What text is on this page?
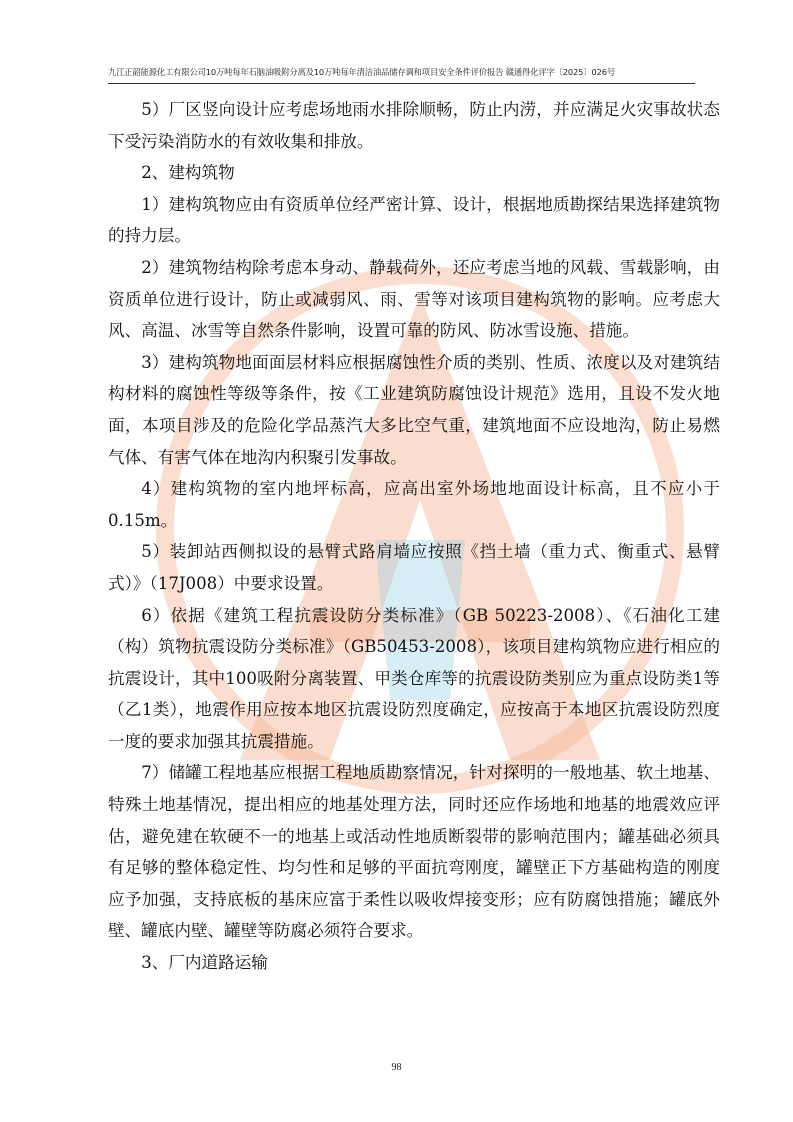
九江正韶能源化工有限公司10万吨每年石脑油吸附分离及10万吨每年清洁油品储存调和项目安全条件评价报告 赣通得化评字〔2025〕026号

5）厂区竖向设计应考虑场地雨水排除顺畅，防止内涝，并应满足火灾事故状态下受污染消防水的有效收集和排放。

2、建构筑物

1）建构筑物应由有资质单位经严密计算、设计，根据地质勘探结果选择建筑物的持力层。

2）建筑物结构除考虑本身动、静载荷外，还应考虑当地的风载、雪载影响，由资质单位进行设计，防止或减弱风、雨、雪等对该项目建构筑物的影响。应考虑大风、高温、冰雪等自然条件影响，设置可靠的防风、防冰雪设施、措施。

3）建构筑物地面面层材料应根据腐蚀性介质的类别、性质、浓度以及对建筑结构材料的腐蚀性等级等条件，按《工业建筑防腐蚀设计规范》选用，且设不发火地面，本项目涉及的危险化学品蒸汽大多比空气重，建筑地面不应设地沟，防止易燃气体、有害气体在地沟内积聚引发事故。

4）建构筑物的室内地坪标高，应高出室外场地地面设计标高，且不应小于0.15m。

5）装卸站西侧拟设的悬臂式路肩墙应按照《挡土墙（重力式、衡重式、悬臂式）》（17J008）中要求设置。

6）依据《建筑工程抗震设防分类标准》（GB 50223-2008）、《石油化工建（构）筑物抗震设防分类标准》（GB50453-2008），该项目建构筑物应进行相应的抗震设计，其中100吸附分离装置、甲类仓库等的抗震设防类别应为重点设防类1等（乙1类），地震作用应按本地区抗震设防烈度确定，应按高于本地区抗震设防烈度一度的要求加强其抗震措施。

7）储罐工程地基应根据工程地质勘察情况，针对探明的一般地基、软土地基、特殊土地基情况，提出相应的地基处理方法，同时还应作场地和地基的地震效应评估，避免建在软硬不一的地基上或活动性地质断裂带的影响范围内；罐基础必须具有足够的整体稳定性、均匀性和足够的平面抗弯刚度，罐壁正下方基础构造的刚度应予加强，支持底板的基床应富于柔性以吸收焊接变形；应有防腐蚀措施；罐底外壁、罐底内壁、罐壁等防腐必须符合要求。

3、厂内道路运输

98
